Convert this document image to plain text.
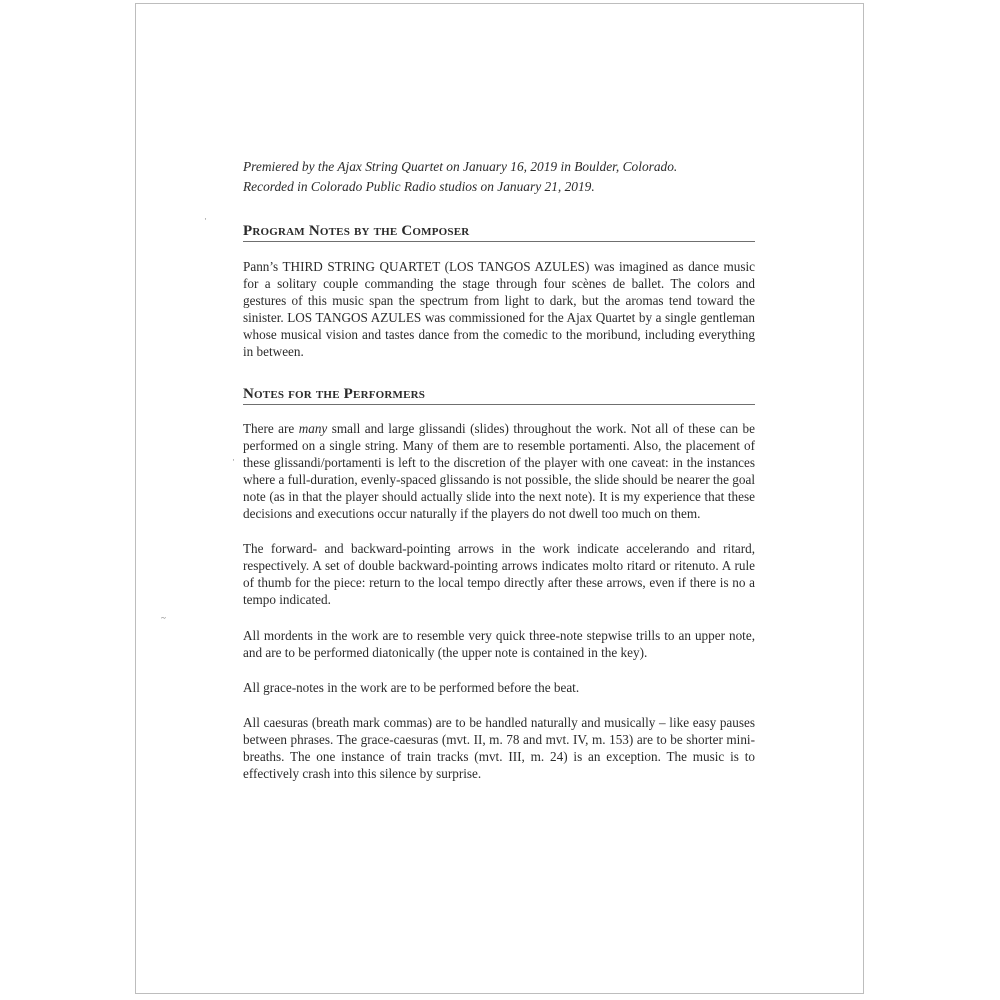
·
·
~

Premiered by the Ajax String Quartet on January 16, 2019 in Boulder, Colorado.

Recorded in Colorado Public Radio studios on January 21, 2019.

Program Notes by the Composer

Pann’s THIRD STRING QUARTET (LOS TANGOS AZULES) was imagined as dance music for a solitary couple commanding the stage through four scènes de ballet. The colors and gestures of this music span the spectrum from light to dark, but the aromas tend toward the sinister. LOS TANGOS AZULES was commissioned for the Ajax Quartet by a single gentleman whose musical vision and tastes dance from the comedic to the moribund, including everything in between.

Notes for the Performers

There are many small and large glissandi (slides) throughout the work. Not all of these can be performed on a single string. Many of them are to resemble portamenti. Also, the placement of these glissandi/portamenti is left to the discretion of the player with one caveat: in the instances where a full-duration, evenly-spaced glissando is not possible, the slide should be nearer the goal note (as in that the player should actually slide into the next note). It is my experience that these decisions and executions occur naturally if the players do not dwell too much on them.

The forward- and backward-pointing arrows in the work indicate accelerando and ritard, respectively. A set of double backward-pointing arrows indicates molto ritard or ritenuto. A rule of thumb for the piece: return to the local tempo directly after these arrows, even if there is no a tempo indicated.

All mordents in the work are to resemble very quick three-note stepwise trills to an upper note, and are to be performed diatonically (the upper note is contained in the key).

All grace-notes in the work are to be performed before the beat.

All caesuras (breath mark commas) are to be handled naturally and musically – like easy pauses between phrases. The grace-caesuras (mvt. II, m. 78 and mvt. IV, m. 153) are to be shorter mini-breaths. The one instance of train tracks (mvt. III, m. 24) is an exception. The music is to effectively crash into this silence by surprise.
